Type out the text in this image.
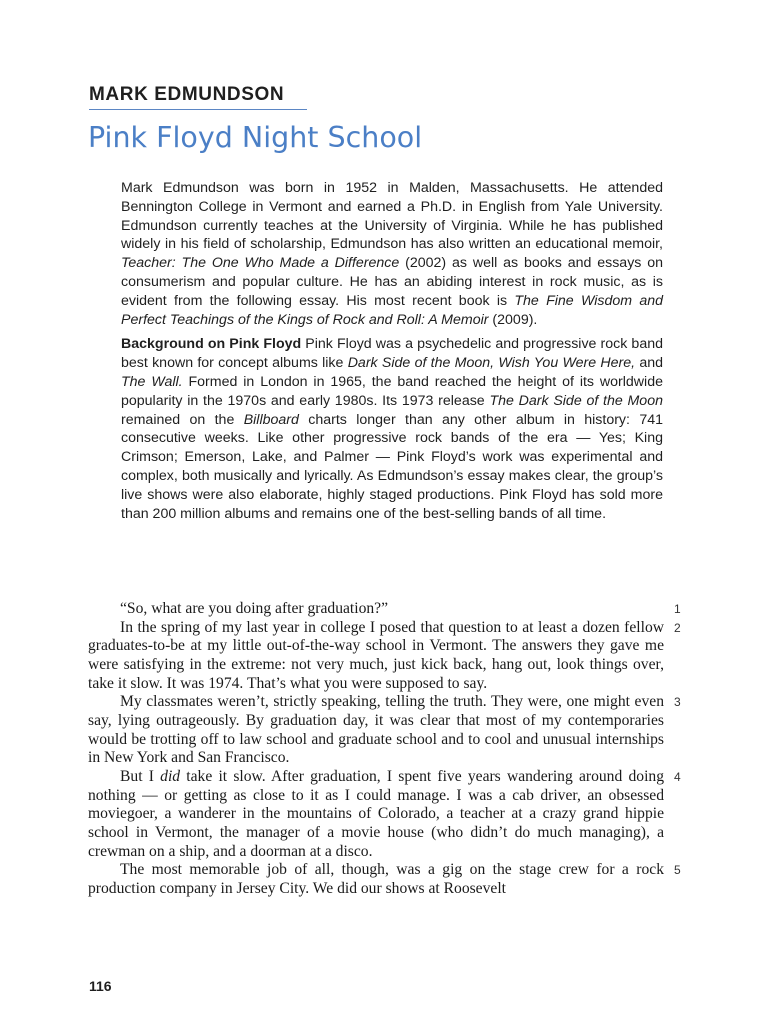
MARK EDMUNDSON
Pink Floyd Night School

Mark Edmundson was born in 1952 in Malden, Massachusetts. He attended Bennington College in Vermont and earned a Ph.D. in English from Yale University. Edmundson currently teaches at the University of Virginia. While he has published widely in his field of scholarship, Edmundson has also written an educational memoir, Teacher: The One Who Made a Difference (2002) as well as books and essays on consumerism and popular culture. He has an abiding interest in rock music, as is evident from the following essay. His most recent book is The Fine Wisdom and Perfect Teachings of the Kings of Rock and Roll: A Memoir (2009).

Background on Pink Floyd Pink Floyd was a psychedelic and progressive rock band best known for concept albums like Dark Side of the Moon, Wish You Were Here, and The Wall. Formed in London in 1965, the band reached the height of its worldwide popularity in the 1970s and early 1980s. Its 1973 release The Dark Side of the Moon remained on the Billboard charts longer than any other album in history: 741 consecutive weeks. Like other progressive rock bands of the era — Yes; King Crimson; Emerson, Lake, and Palmer — Pink Floyd’s work was experimental and complex, both musically and lyrically. As Edmundson’s essay makes clear, the group’s live shows were also elaborate, highly staged productions. Pink Floyd has sold more than 200 million albums and remains one of the best-selling bands of all time.

1
“So, what are you doing after graduation?”

2
In the spring of my last year in college I posed that question to at least a dozen fellow graduates-to-be at my little out-of-the-way school in Vermont. The answers they gave me were satisfying in the extreme: not very much, just kick back, hang out, look things over, take it slow. It was 1974. That’s what you were supposed to say.

3
My classmates weren’t, strictly speaking, telling the truth. They were, one might even say, lying outrageously. By graduation day, it was clear that most of my contemporaries would be trotting off to law school and graduate school and to cool and unusual internships in New York and San Francisco.

4
But I did take it slow. After graduation, I spent five years wandering around doing nothing — or getting as close to it as I could manage. I was a cab driver, an obsessed moviegoer, a wanderer in the mountains of Colorado, a teacher at a crazy grand hippie school in Vermont, the manager of a movie house (who didn’t do much managing), a crewman on a ship, and a doorman at a disco.

5
The most memorable job of all, though, was a gig on the stage crew for a rock production company in Jersey City. We did our shows at Roosevelt

116
